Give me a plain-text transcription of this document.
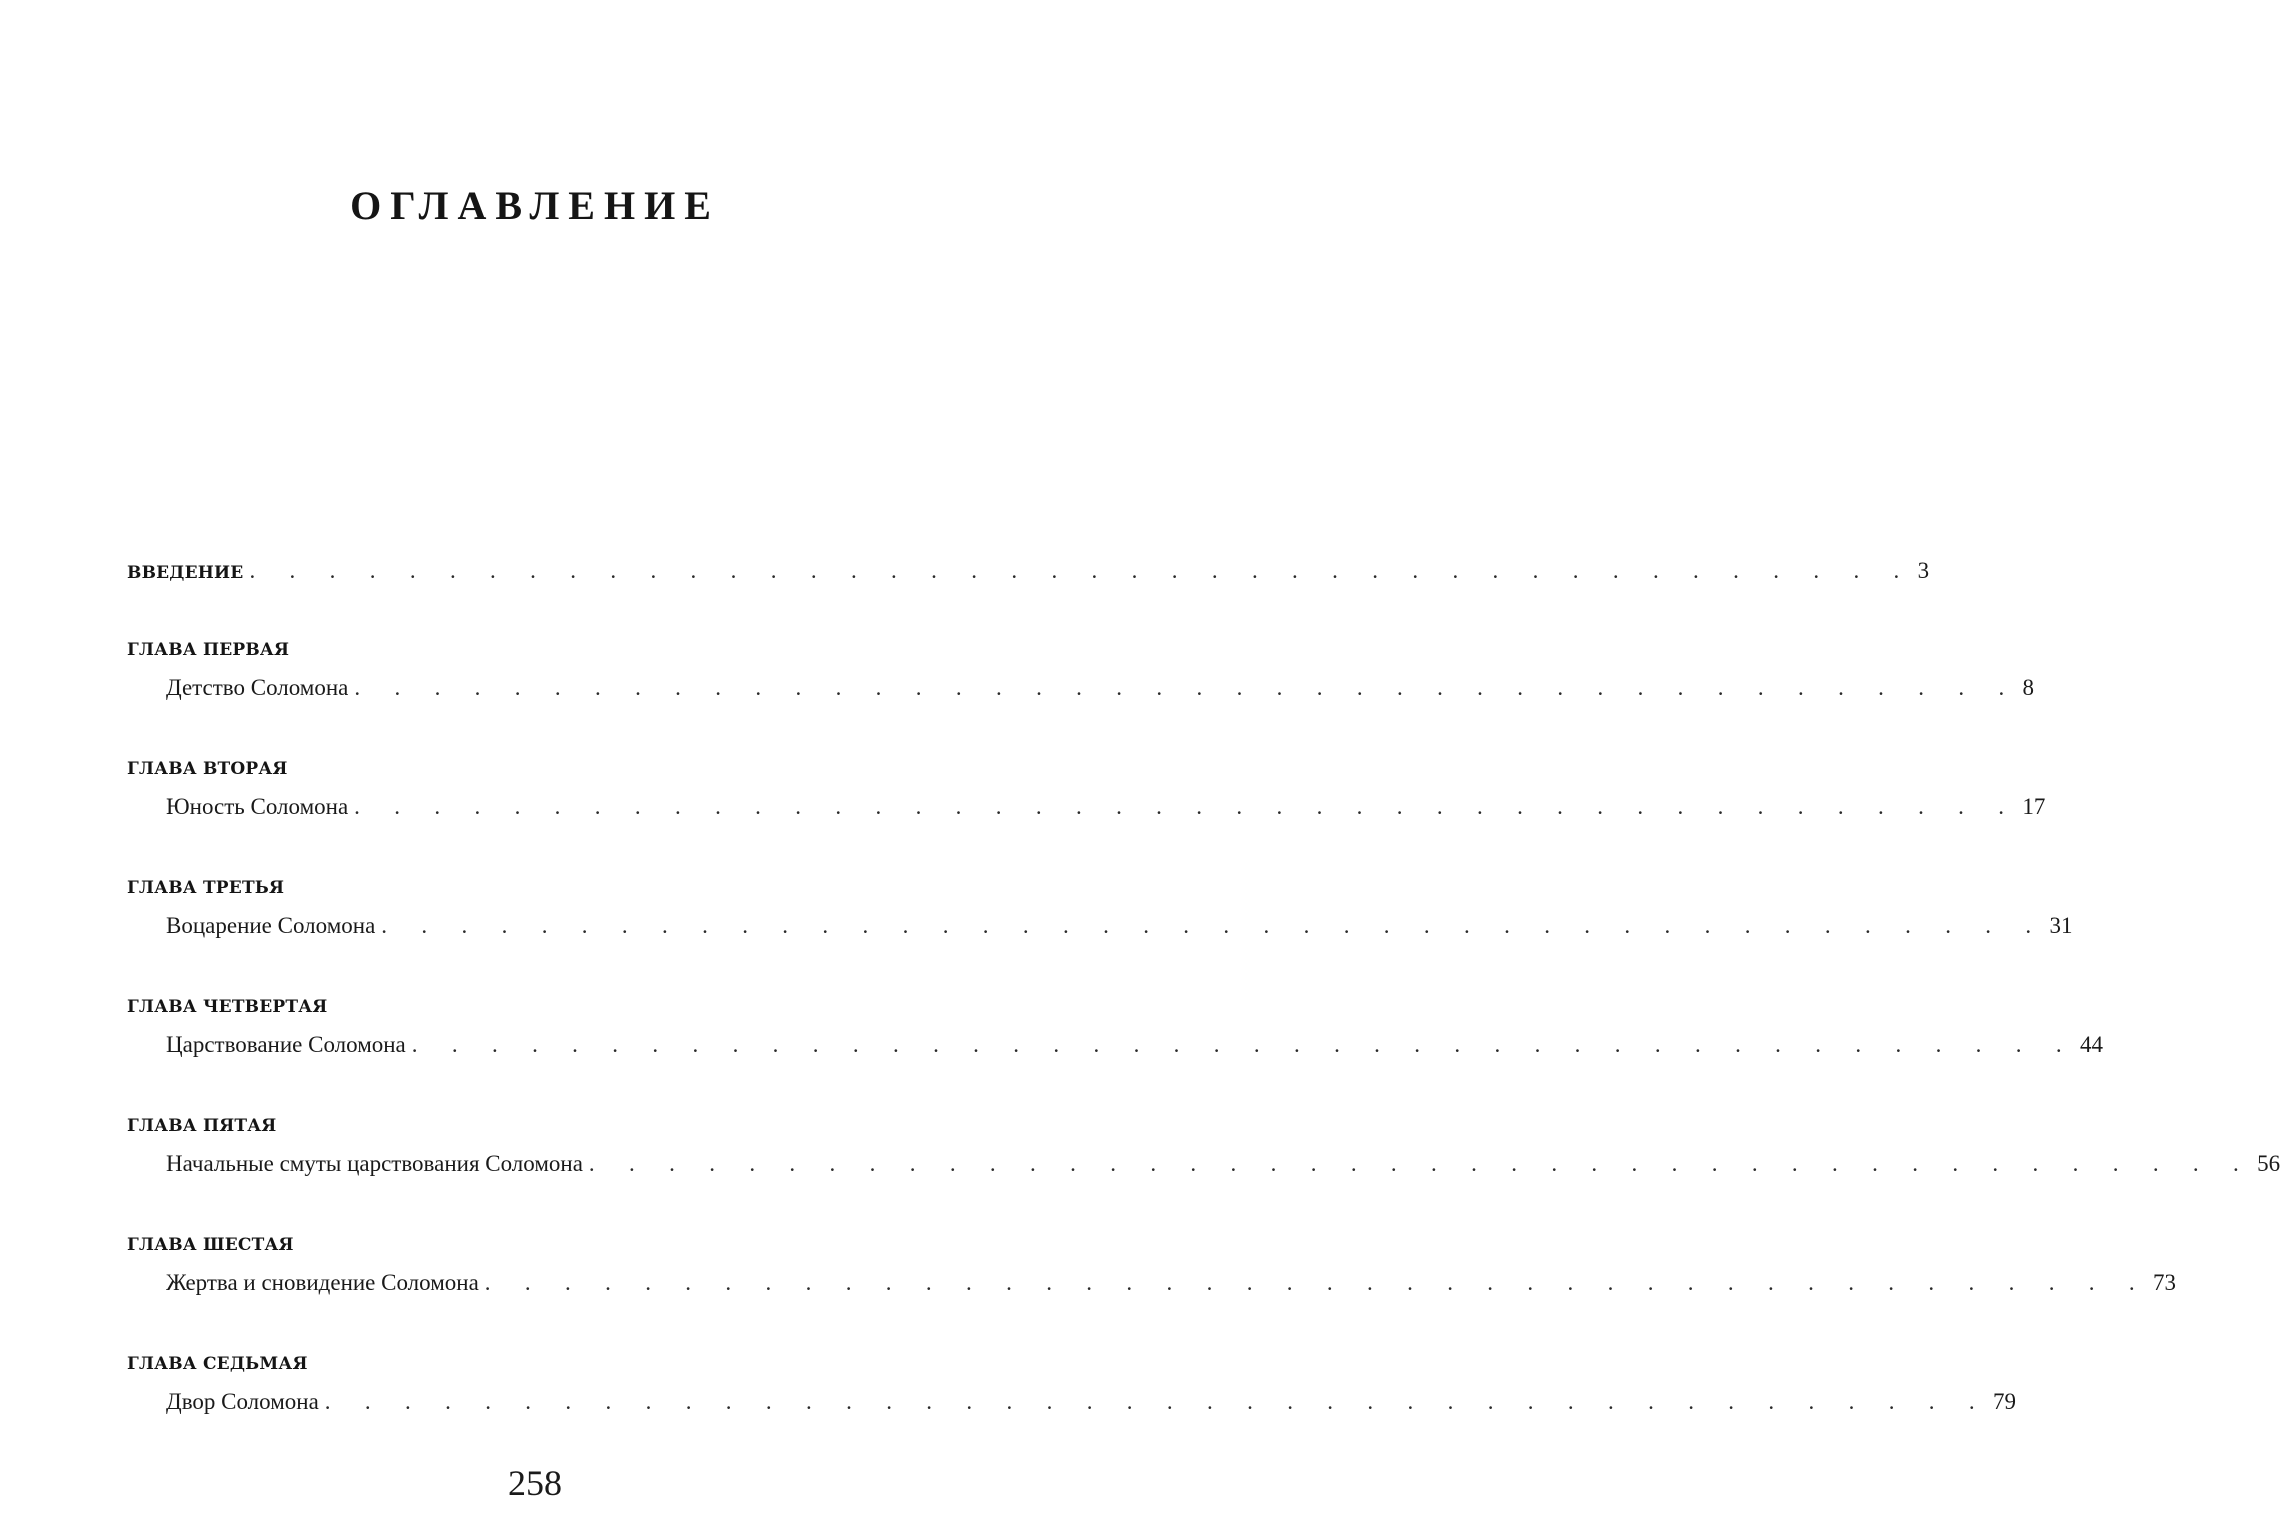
ОГЛАВЛЕНИЕ
ВВЕДЕНИЕ . . . . . . . . . . . . . . . . . . . . . . . . . . . . . . . . . . . . . . . . . . 3
ГЛАВА ПЕРВАЯ
Детство Соломона . . . . . . . . . . . . . . . . . . . . . . . . . . . . . . . . . . . . . . . . . . 8
ГЛАВА ВТОРАЯ
Юность Соломона . . . . . . . . . . . . . . . . . . . . . . . . . . . . . . . . . . . . . . . . . . 17
ГЛАВА ТРЕТЬЯ
Воцарение Соломона . . . . . . . . . . . . . . . . . . . . . . . . . . . . . . . . . . . . . . . . . . 31
ГЛАВА ЧЕТВЕРТАЯ
Царствование Соломона . . . . . . . . . . . . . . . . . . . . . . . . . . . . . . . . . . . . . . . . . . 44
ГЛАВА ПЯТАЯ
Начальные смуты царствования Соломона . . . . . . . . . . . . . . . . . . . . . . . . . . . . . . . . . . . . . . . . . . 56
ГЛАВА ШЕСТАЯ
Жертва и сновидение Соломона . . . . . . . . . . . . . . . . . . . . . . . . . . . . . . . . . . . . . . . . . . 73
ГЛАВА СЕДЬМАЯ
Двор Соломона . . . . . . . . . . . . . . . . . . . . . . . . . . . . . . . . . . . . . . . . . . 79
258
